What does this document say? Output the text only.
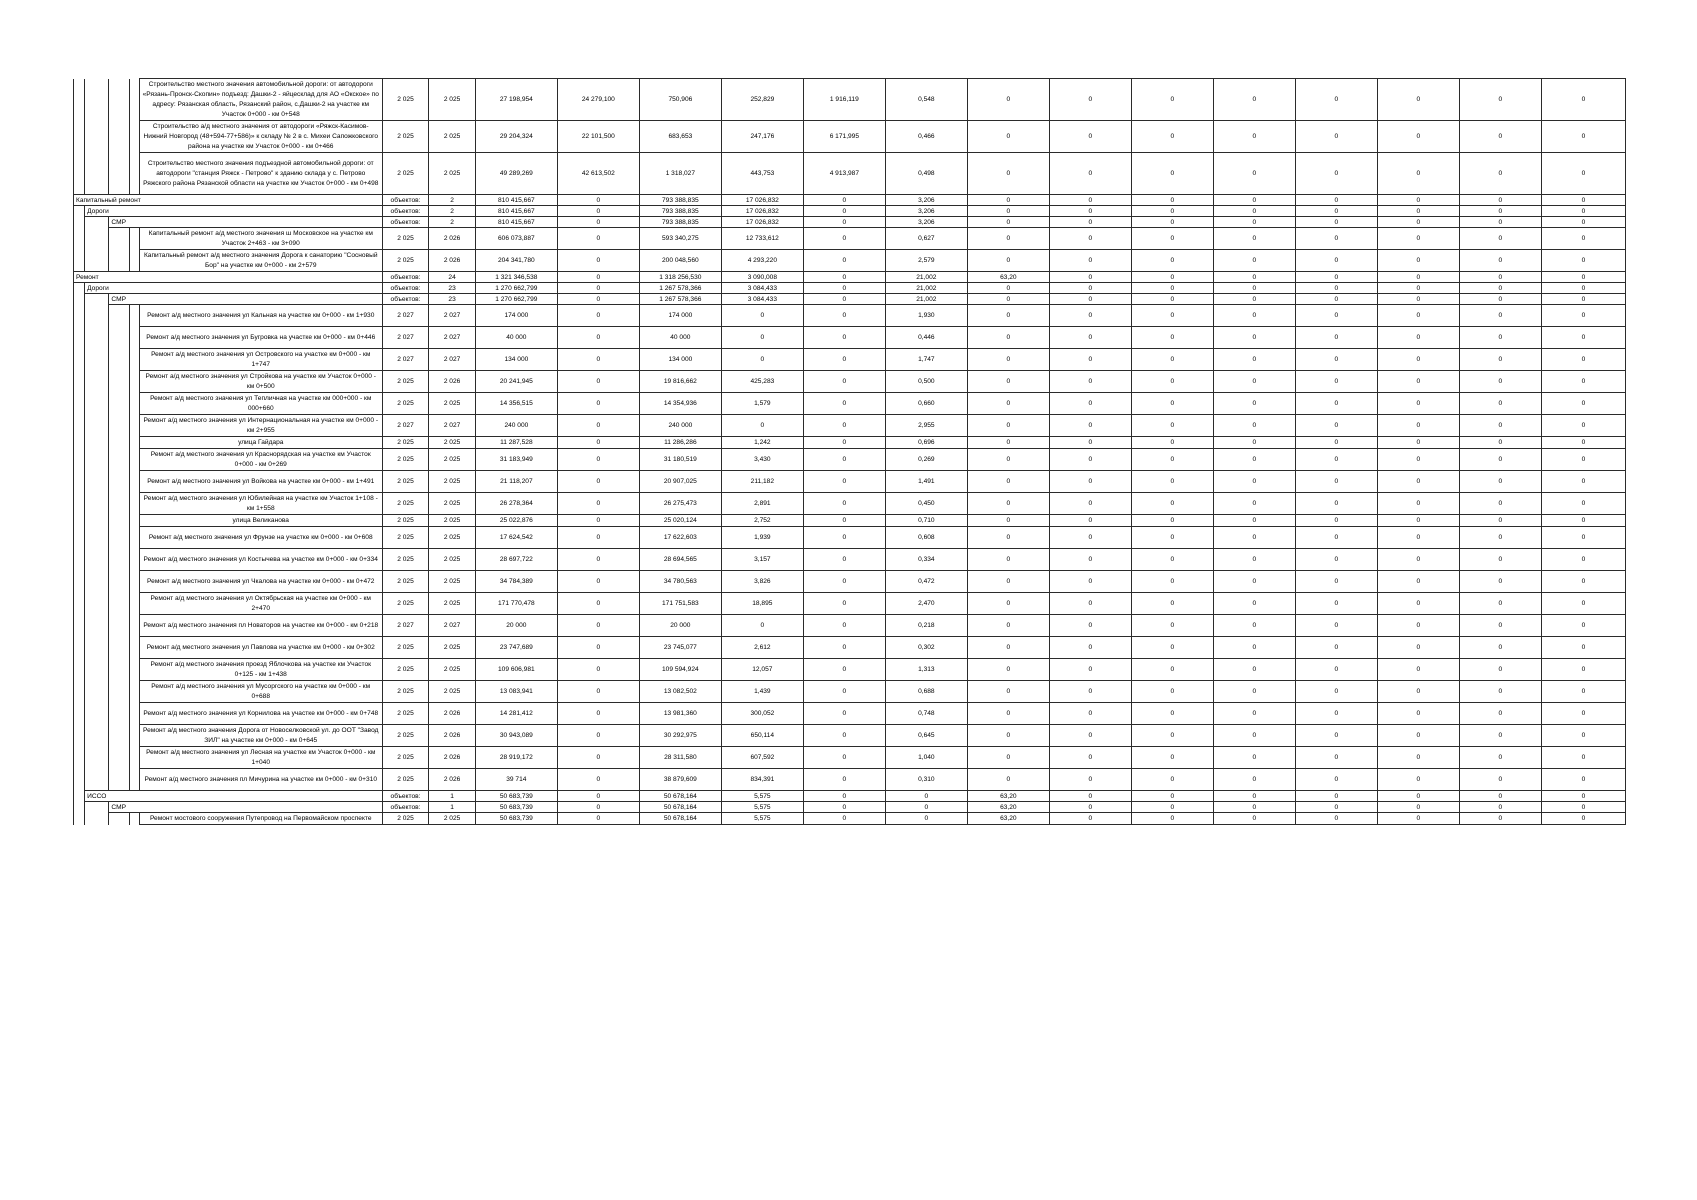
				Строительство местного значения автомобильной дороги: от автодороги «Рязань-Пронск-Скопин» подъезд: Дашки-2 - яйцесклад для АО «Окское» по адресу: Рязанская область, Рязанский район, с.Дашки-2 на участке км Участок 0+000 - км 0+548	2 025	2 025	27 198,954	24 279,100	750,906	252,829	1 916,119	0,548	0	0	0	0	0	0	0	0
				Строительство а/д местного значения от автодороги «Ряжск-Касимов-Нижний Новгород (48+594-77+586)» к складу № 2 в с. Михеи Сапожковского района на участке км Участок 0+000 - км 0+466	2 025	2 025	29 204,324	22 101,500	683,653	247,176	6 171,995	0,466	0	0	0	0	0	0	0	0
				Строительство местного значения подъездной автомобильной дороги: от автодороги "станция Ряжск - Петрово" к зданию склада у с. Петрово Ряжского района Рязанской области на участке км Участок 0+000 - км 0+498	2 025	2 025	49 289,269	42 613,502	1 318,027	443,753	4 913,987	0,498	0	0	0	0	0	0	0	0
Капитальный ремонт					объектов:	2	810 415,667	0	793 388,835	17 026,832	0	3,206	0	0	0	0	0	0	0	0
	Дороги				объектов:	2	810 415,667	0	793 388,835	17 026,832	0	3,206	0	0	0	0	0	0	0	0
		СМР			объектов:	2	810 415,667	0	793 388,835	17 026,832	0	3,206	0	0	0	0	0	0	0	0
				Капитальный ремонт а/д местного значения ш Московское на участке км Участок 2+463 - км 3+090	2 025	2 026	606 073,887	0	593 340,275	12 733,612	0	0,627	0	0	0	0	0	0	0	0
				Капитальный ремонт а/д местного значения Дорога к санаторию "Сосновый Бор" на участке км 0+000 - км 2+579	2 025	2 026	204 341,780	0	200 048,560	4 293,220	0	2,579	0	0	0	0	0	0	0	0
Ремонт					объектов:	24	1 321 346,538	0	1 318 256,530	3 090,008	0	21,002	63,20	0	0	0	0	0	0	0
	Дороги				объектов:	23	1 270 662,799	0	1 267 578,366	3 084,433	0	21,002	0	0	0	0	0	0	0	0
		СМР			объектов:	23	1 270 662,799	0	1 267 578,366	3 084,433	0	21,002	0	0	0	0	0	0	0	0
				Ремонт а/д местного значения ул Кальная на участке км 0+000 - км 1+930	2 027	2 027	174 000	0	174 000	0	0	1,930	0	0	0	0	0	0	0	0
				Ремонт а/д местного значения ул Бугровка на участке км 0+000 - км 0+446	2 027	2 027	40 000	0	40 000	0	0	0,446	0	0	0	0	0	0	0	0
				Ремонт а/д местного значения ул Островского на участке км 0+000 - км 1+747	2 027	2 027	134 000	0	134 000	0	0	1,747	0	0	0	0	0	0	0	0
				Ремонт а/д местного значения ул Стройкова на участке км Участок 0+000 - км 0+500	2 025	2 026	20 241,945	0	19 816,662	425,283	0	0,500	0	0	0	0	0	0	0	0
				Ремонт а/д местного значения ул Тепличная на участке км 000+000 - км 000+660	2 025	2 025	14 356,515	0	14 354,936	1,579	0	0,660	0	0	0	0	0	0	0	0
				Ремонт а/д местного значения ул Интернациональная на участке км 0+000 - км 2+955	2 027	2 027	240 000	0	240 000	0	0	2,955	0	0	0	0	0	0	0	0
				улица Гайдара	2 025	2 025	11 287,528	0	11 286,286	1,242	0	0,696	0	0	0	0	0	0	0	0
				Ремонт а/д местного значения ул Краснорядская на участке км Участок 0+000 - км 0+269	2 025	2 025	31 183,949	0	31 180,519	3,430	0	0,269	0	0	0	0	0	0	0	0
				Ремонт а/д местного значения ул Войкова на участке км 0+000 - км 1+491	2 025	2 025	21 118,207	0	20 907,025	211,182	0	1,491	0	0	0	0	0	0	0	0
				Ремонт а/д местного значения ул Юбилейная на участке км Участок 1+108 - км 1+558	2 025	2 025	26 278,364	0	26 275,473	2,891	0	0,450	0	0	0	0	0	0	0	0
				улица Великанова	2 025	2 025	25 022,876	0	25 020,124	2,752	0	0,710	0	0	0	0	0	0	0	0
				Ремонт а/д местного значения ул Фрунзе на участке км 0+000 - км 0+608	2 025	2 025	17 624,542	0	17 622,603	1,939	0	0,608	0	0	0	0	0	0	0	0
				Ремонт а/д местного значения ул Костычева на участке км 0+000 - км 0+334	2 025	2 025	28 697,722	0	28 694,565	3,157	0	0,334	0	0	0	0	0	0	0	0
				Ремонт а/д местного значения ул Чкалова на участке км 0+000 - км 0+472	2 025	2 025	34 784,389	0	34 780,563	3,826	0	0,472	0	0	0	0	0	0	0	0
				Ремонт а/д местного значения ул Октябрьская на участке км 0+000 - км 2+470	2 025	2 025	171 770,478	0	171 751,583	18,895	0	2,470	0	0	0	0	0	0	0	0
				Ремонт а/д местного значения пл Новаторов на участке км 0+000 - км 0+218	2 027	2 027	20 000	0	20 000	0	0	0,218	0	0	0	0	0	0	0	0
				Ремонт а/д местного значения ул Павлова на участке км 0+000 - км 0+302	2 025	2 025	23 747,689	0	23 745,077	2,612	0	0,302	0	0	0	0	0	0	0	0
				Ремонт а/д местного значения проезд Яблочкова на участке км Участок 0+125 - км 1+438	2 025	2 025	109 606,981	0	109 594,924	12,057	0	1,313	0	0	0	0	0	0	0	0
				Ремонт а/д местного значения ул Мусоргского на участке км 0+000 - км 0+688	2 025	2 025	13 083,941	0	13 082,502	1,439	0	0,688	0	0	0	0	0	0	0	0
				Ремонт а/д местного значения ул Корнилова на участке км 0+000 - км 0+748	2 025	2 026	14 281,412	0	13 981,360	300,052	0	0,748	0	0	0	0	0	0	0	0
				Ремонт а/д местного значения Дорога от Новоселковской ул. до ООТ "Завод ЗИЛ" на участке км 0+000 - км 0+645	2 025	2 026	30 943,089	0	30 292,975	650,114	0	0,645	0	0	0	0	0	0	0	0
				Ремонт а/д местного значения ул Лесная на участке км Участок 0+000 - км 1+040	2 025	2 026	28 919,172	0	28 311,580	607,592	0	1,040	0	0	0	0	0	0	0	0
				Ремонт а/д местного значения пл Мичурина на участке км 0+000 - км 0+310	2 025	2 026	39 714	0	38 879,609	834,391	0	0,310	0	0	0	0	0	0	0	0
	ИССО				объектов:	1	50 683,739	0	50 678,164	5,575	0	0	63,20	0	0	0	0	0	0	0
		СМР			объектов:	1	50 683,739	0	50 678,164	5,575	0	0	63,20	0	0	0	0	0	0	0
				Ремонт мостового сооружения Путепровод на Первомайском проспекте	2 025	2 025	50 683,739	0	50 678,164	5,575	0	0	63,20	0	0	0	0	0	0	0
